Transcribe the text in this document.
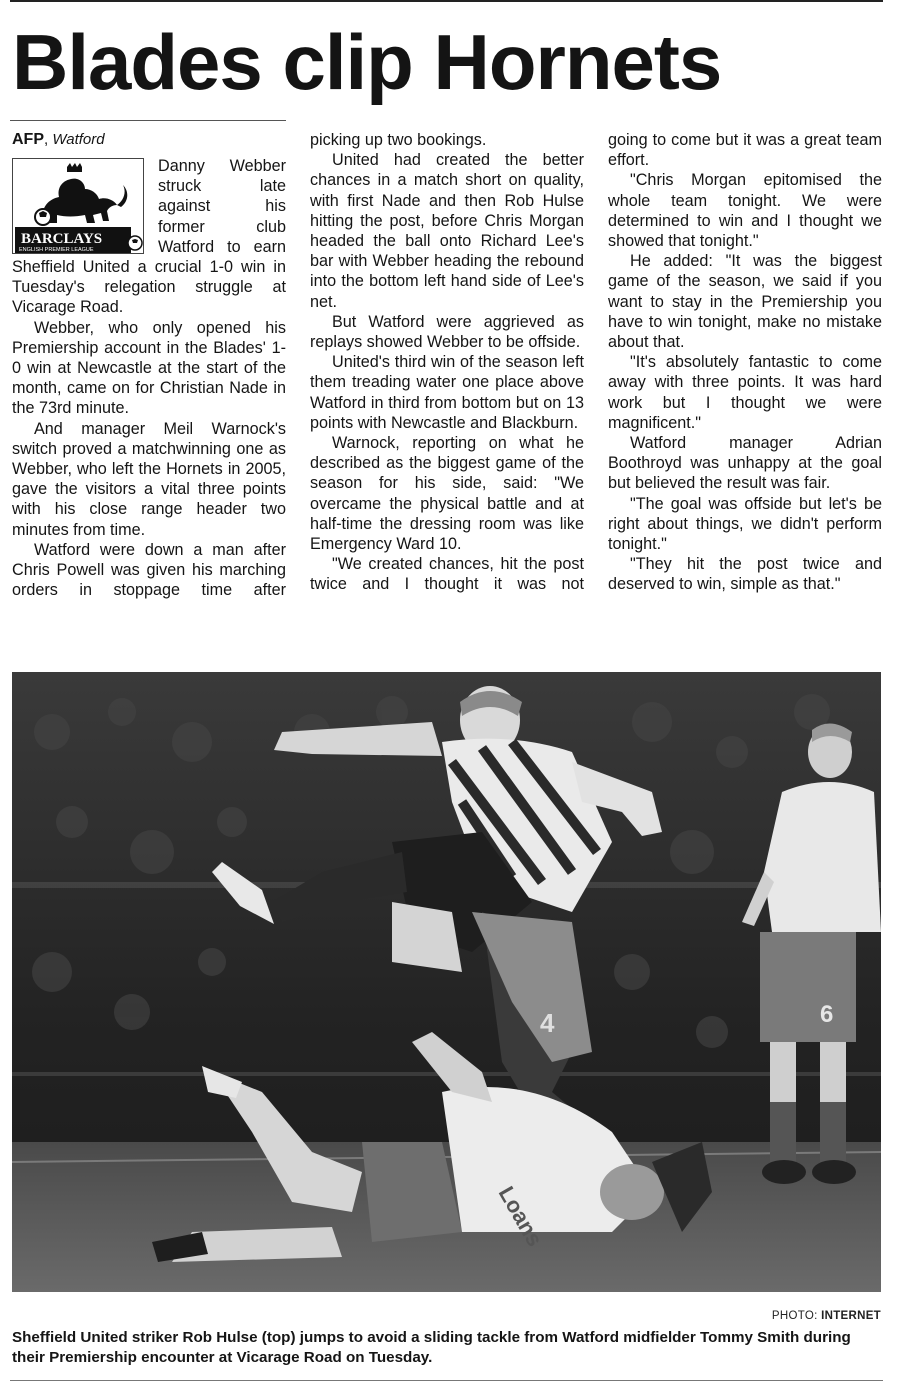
Blades clip Hornets
AFP, Watford
BARCLAYS
ENGLISH PREMIER LEAGUE

Danny Webber struck late against his former club Watford to earn Sheffield United a crucial 1-0 win in Tuesday's relegation struggle at Vicarage Road.

Webber, who only opened his Premiership account in the Blades' 1-0 win at Newcastle at the start of the month, came on for Christian Nade in the 73rd minute.

And manager Meil Warnock's switch proved a matchwinning one as Webber, who left the Hornets in 2005, gave the visitors a vital three points with his close range header two minutes from time.

Watford were down a man after Chris Powell was given his marching orders in stoppage time after

picking up two bookings.

United had created the better chances in a match short on quality, with first Nade and then Rob Hulse hitting the post, before Chris Morgan headed the ball onto Richard Lee's bar with Webber heading the rebound into the bottom left hand side of Lee's net.

But Watford were aggrieved as replays showed Webber to be offside.

United's third win of the season left them treading water one place above Watford in third from bottom but on 13 points with Newcastle and Blackburn.

Warnock, reporting on what he described as the biggest game of the season for his side, said: "We overcame the physical battle and at half-time the dressing room was like Emergency Ward 10.

"We created chances, hit the post twice and I thought it was not

going to come but it was a great team effort.

"Chris Morgan epitomised the whole team tonight. We were determined to win and I thought we showed that tonight."

He added: "It was the biggest game of the season, we said if you want to stay in the Premiership you have to win tonight, make no mistake about that.

"It's absolutely fantastic to come away with three points. It was hard work but I thought we were magnificent."

Watford manager Adrian Boothroyd was unhappy at the goal but believed the result was fair.

"The goal was offside but let's be right about things, we didn't perform tonight."

"They hit the post twice and deserved to win, simple as that."

6
4
Loans
PHOTO: INTERNET
Sheffield United striker Rob Hulse (top) jumps to avoid a sliding tackle from Watford midfielder Tommy Smith during their Premiership encounter at Vicarage Road on Tuesday.
